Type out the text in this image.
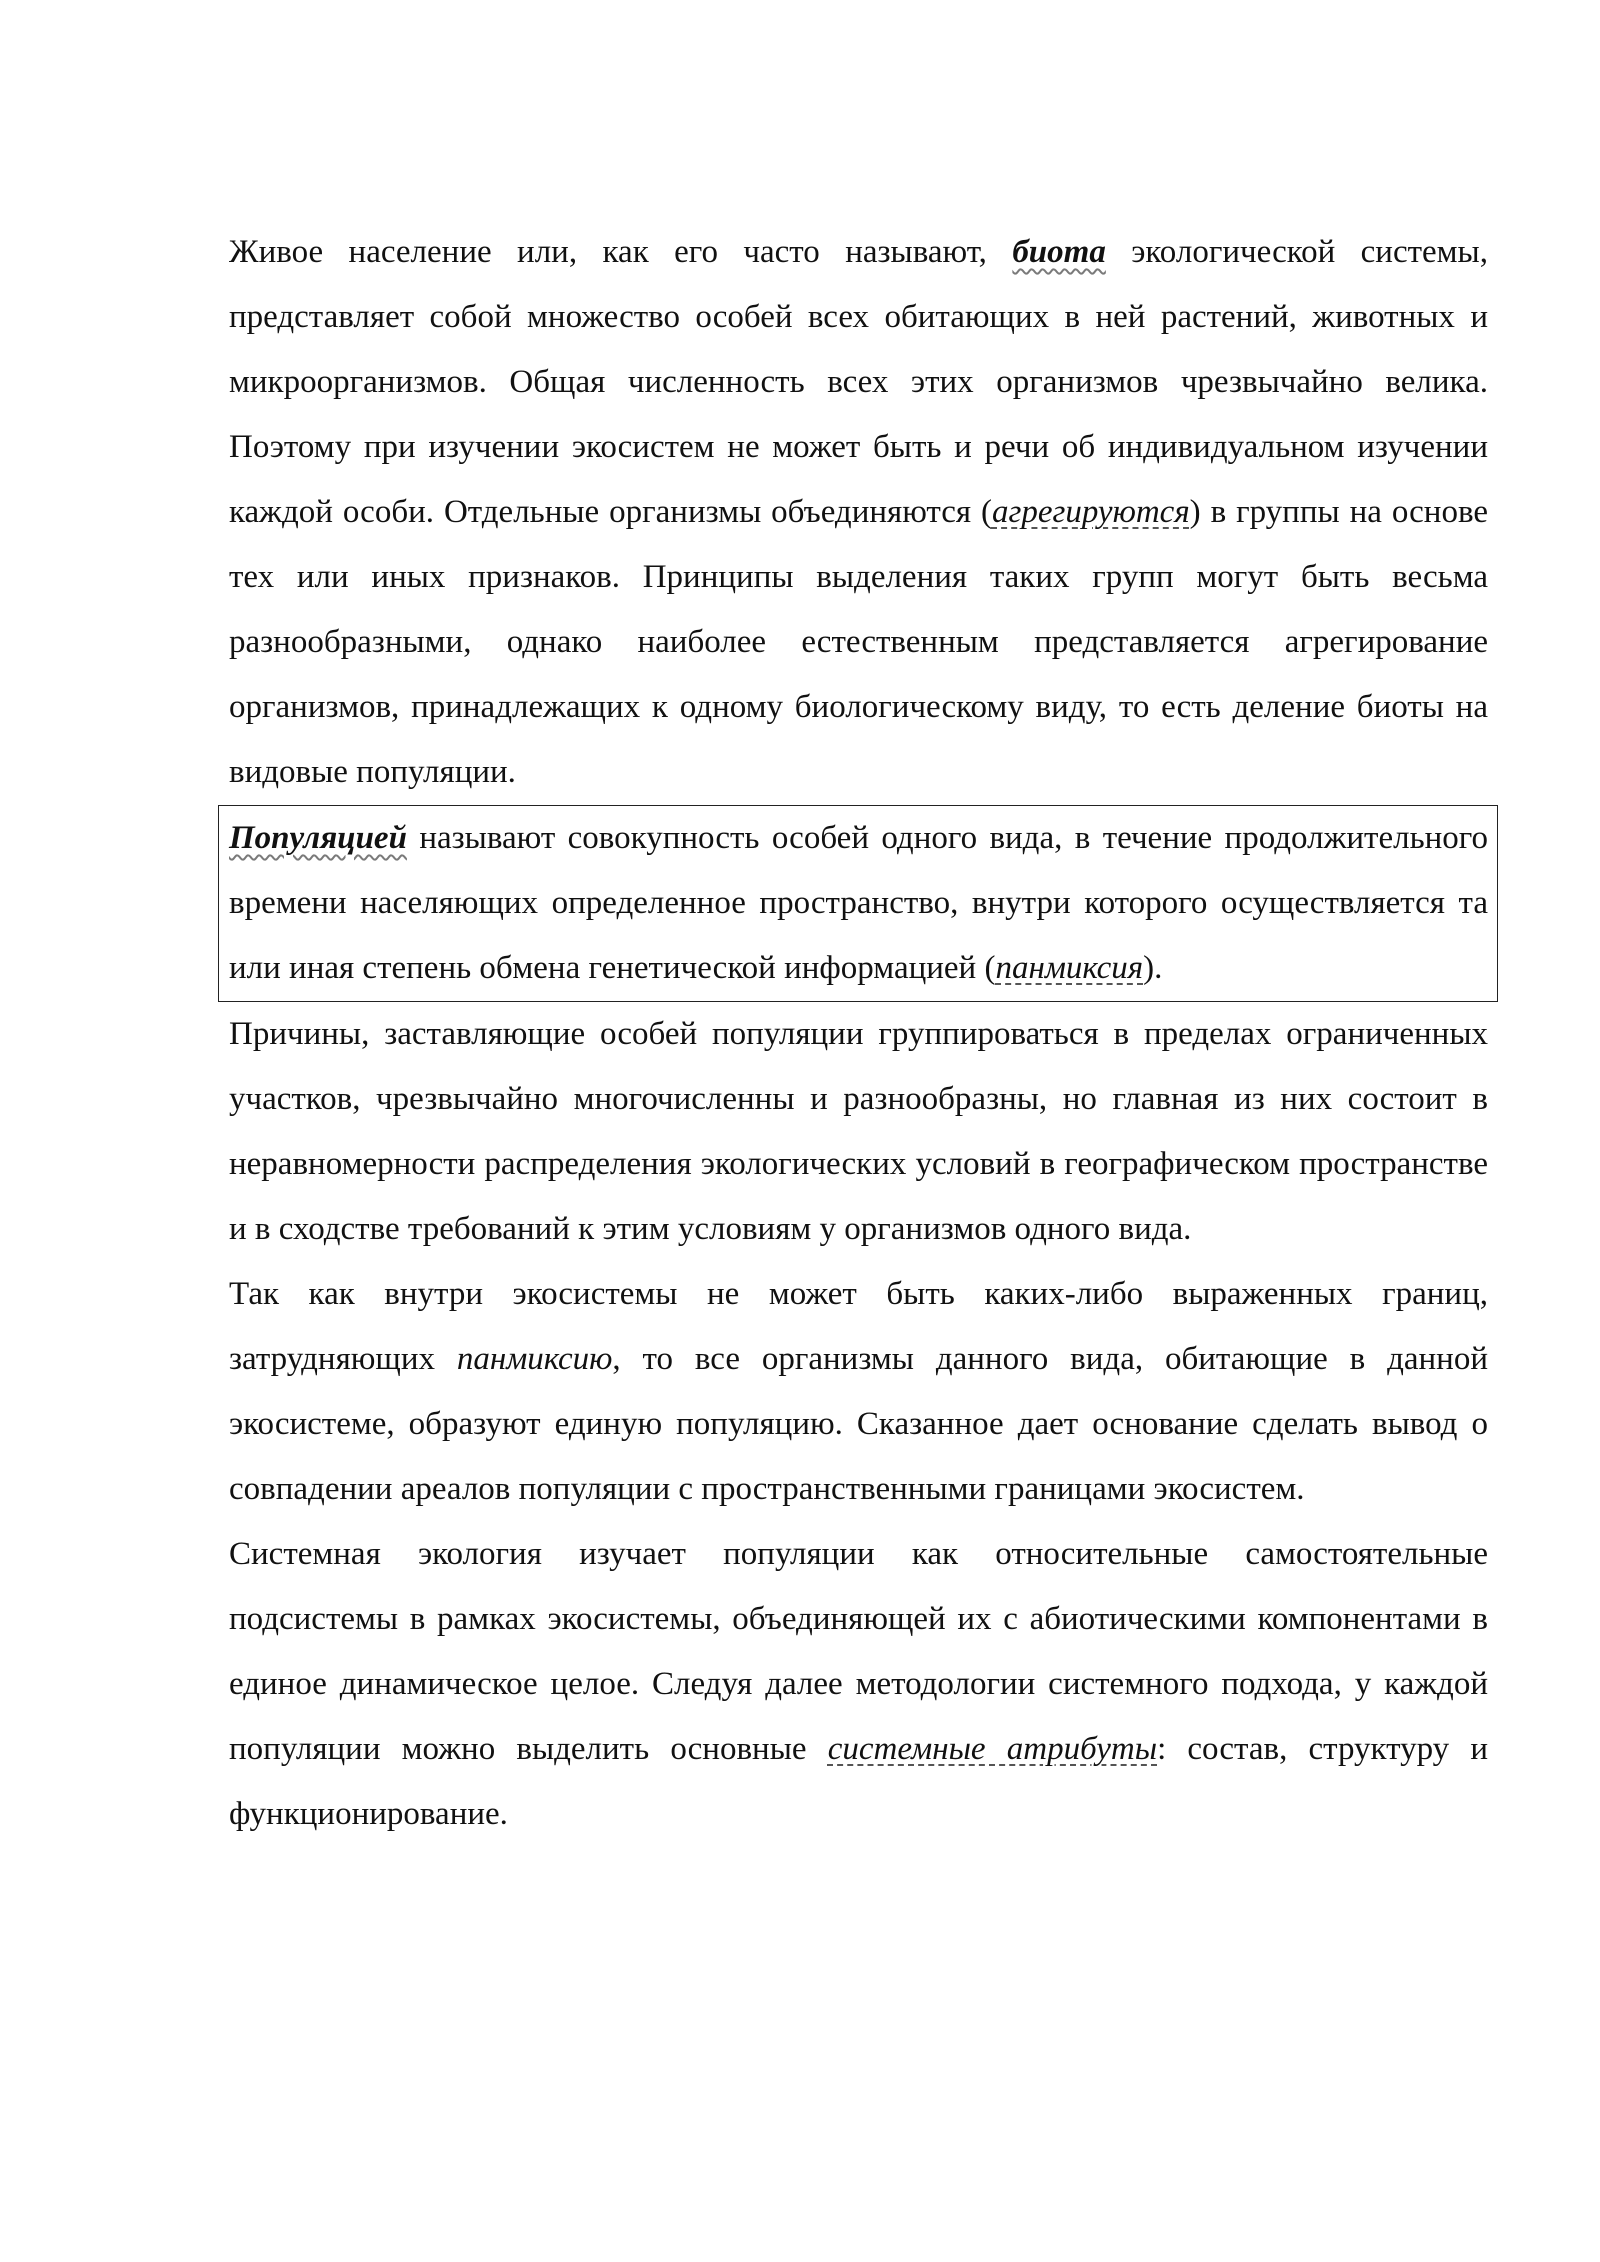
Живое население или, как его часто называют, биота экологической системы, представляет собой множество особей всех обитающих в ней растений, животных и микроорганизмов. Общая численность всех этих организмов чрезвычайно велика. Поэтому при изучении экосистем не может быть и речи об индивидуальном изучении каждой особи. Отдельные организмы объединяются (агрегируются) в группы на основе тех или иных признаков. Принципы выделения таких групп могут быть весьма разнообразными, однако наиболее естественным представляется агрегирование организмов, принадлежащих к одному биологическому виду, то есть деление биоты на видовые популяции.

Популяцией называют совокупность особей одного вида, в течение продолжительного времени населяющих определенное пространство, внутри которого осуществляется та или иная степень обмена генетической информацией (панмиксия).

Причины, заставляющие особей популяции группироваться в пределах ограниченных участков, чрезвычайно многочисленны и разнообразны, но главная из них состоит в неравномерности распределения экологических условий в географическом пространстве и в сходстве требований к этим условиям у организмов одного вида.

Так как внутри экосистемы не может быть каких-либо выраженных границ, затрудняющих панмиксию, то все организмы данного вида, обитающие в данной экосистеме, образуют единую популяцию. Сказанное дает основание сделать вывод о совпадении ареалов популяции с пространственными границами экосистем.

Системная экология изучает популяции как относительные самостоятельные подсистемы в рамках экосистемы, объединяющей их с абиотическими компонентами в единое динамическое целое. Следуя далее методологии системного подхода, у каждой популяции можно выделить основные системные атрибуты: состав, структуру и функционирование.
